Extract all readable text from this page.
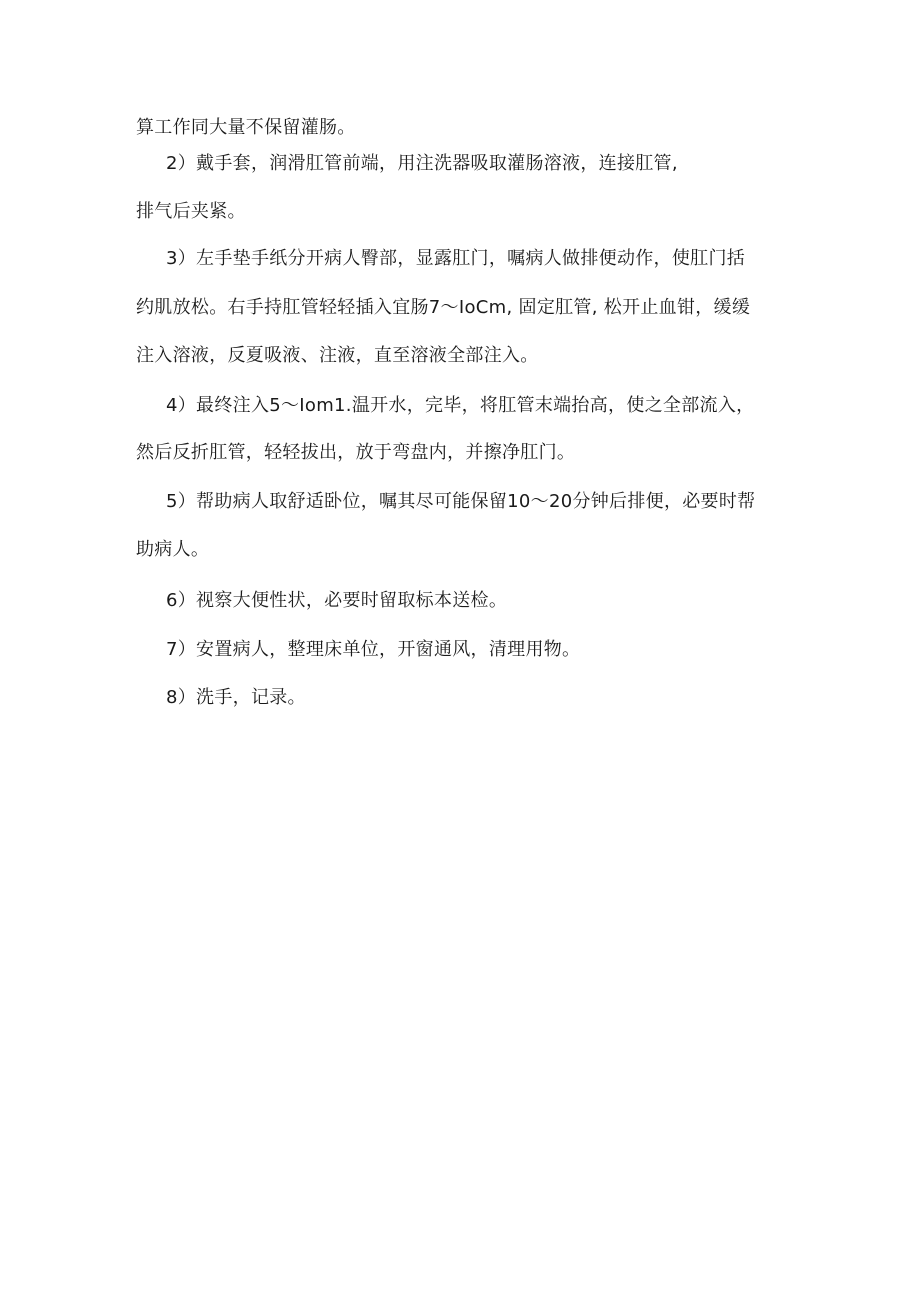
算工作同大量不保留灌肠。
2）戴手套，润滑肛管前端，用注洗器吸取灌肠溶液，连接肛管,
排气后夹紧。
3）左手垫手纸分开病人臀部，显露肛门，嘱病人做排便动作，使肛门括
约肌放松。右手持肛管轻轻插入宜肠7〜IoCm, 固定肛管, 松开止血钳，缓缓
注入溶液，反夏吸液、注液，直至溶液全部注入。
4）最终注入5〜Iom1.温开水，完毕，将肛管末端抬高，使之全部流入，
然后反折肛管，轻轻拔出，放于弯盘内，并擦净肛门。
5）帮助病人取舒适卧位，嘱其尽可能保留10〜20分钟后排便，必要时帮
助病人。
6）视察大便性状，必要时留取标本送检。
7）安置病人，整理床单位，开窗通风，清理用物。
8）洗手，记录。
